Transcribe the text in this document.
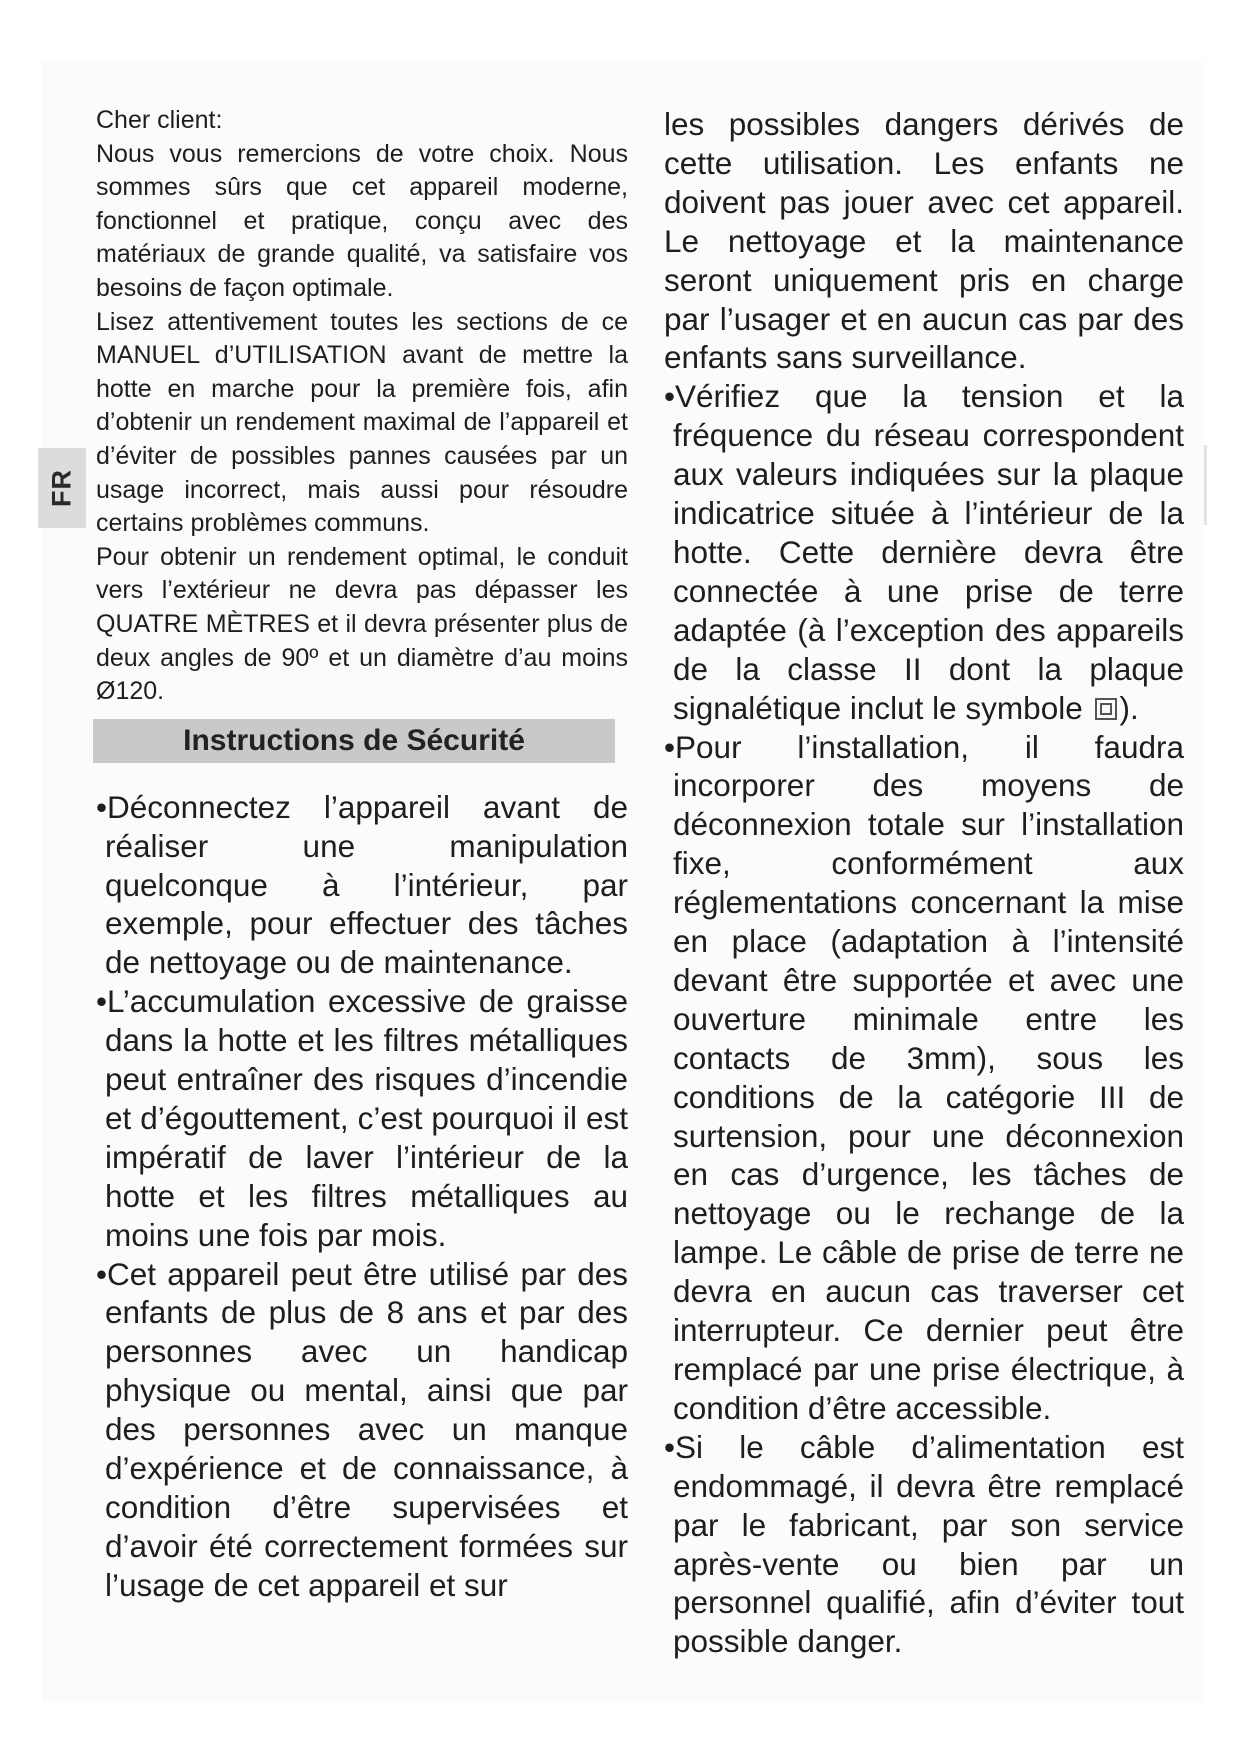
FR

Cher client:

Nous vous remercions de votre choix. Nous sommes sûrs que cet appareil moderne, fonctionnel et pratique, conçu avec des matériaux de grande qualité, va satisfaire vos besoins de façon optimale.

Lisez attentivement toutes les sections de ce MANUEL d’UTILISATION avant de mettre la hotte en marche pour la première fois, afin d’obtenir un rendement maximal de l’appareil et d’éviter de possibles pannes causées par un usage incorrect, mais aussi pour résoudre certains problèmes communs.

Pour obtenir un rendement optimal, le conduit vers l’extérieur ne devra pas dépasser les QUATRE MÈTRES et il devra présenter plus de deux angles de 90º et un diamètre d’au moins Ø120.

Instructions de Sécurité
•Déconnectez l’appareil avant de réaliser une manipulation quelconque à l’intérieur, par exemple, pour effectuer des tâches de nettoyage ou de maintenance.
•L’accumulation excessive de graisse dans la hotte et les filtres métalliques peut entraîner des risques d’incendie et d’égouttement, c’est pourquoi il est impératif de laver l’intérieur de la hotte et les filtres métalliques au moins une fois par mois.
•Cet appareil peut être utilisé par des enfants de plus de 8 ans et par des personnes avec un handicap physique ou mental, ainsi que par des personnes avec un manque d’expérience et de connaissance, à condition d’être supervisées et d’avoir été correctement formées sur l’usage de cet appareil et sur

les possibles dangers dérivés de cette utilisation. Les enfants ne doivent pas jouer avec cet appareil. Le nettoyage et la maintenance seront uniquement pris en charge par l’usager et en aucun cas par des enfants sans surveillance.

•Vérifiez que la tension et la fréquence du réseau correspondent aux valeurs indiquées sur la plaque indicatrice située à l’intérieur de la hotte. Cette dernière devra être connectée à une prise de terre adaptée (à l’exception des appareils de la classe II dont la plaque signalétique inclut le symbole ).
•Pour l’installation, il faudra incorporer des moyens de déconnexion totale sur l’installation fixe, conformément aux réglementations concernant la mise en place (adaptation à l’intensité devant être supportée et avec une ouverture minimale entre les contacts de 3mm), sous les conditions de la catégorie III de surtension, pour une déconnexion en cas d’urgence, les tâches de nettoyage ou le rechange de la lampe. Le câble de prise de terre ne devra en aucun cas traverser cet interrupteur. Ce dernier peut être remplacé par une prise électrique, à condition d’être accessible.
•Si le câble d’alimentation est endommagé, il devra être remplacé par le fabricant, par son service après-vente ou bien par un personnel qualifié, afin d’éviter tout possible danger.
